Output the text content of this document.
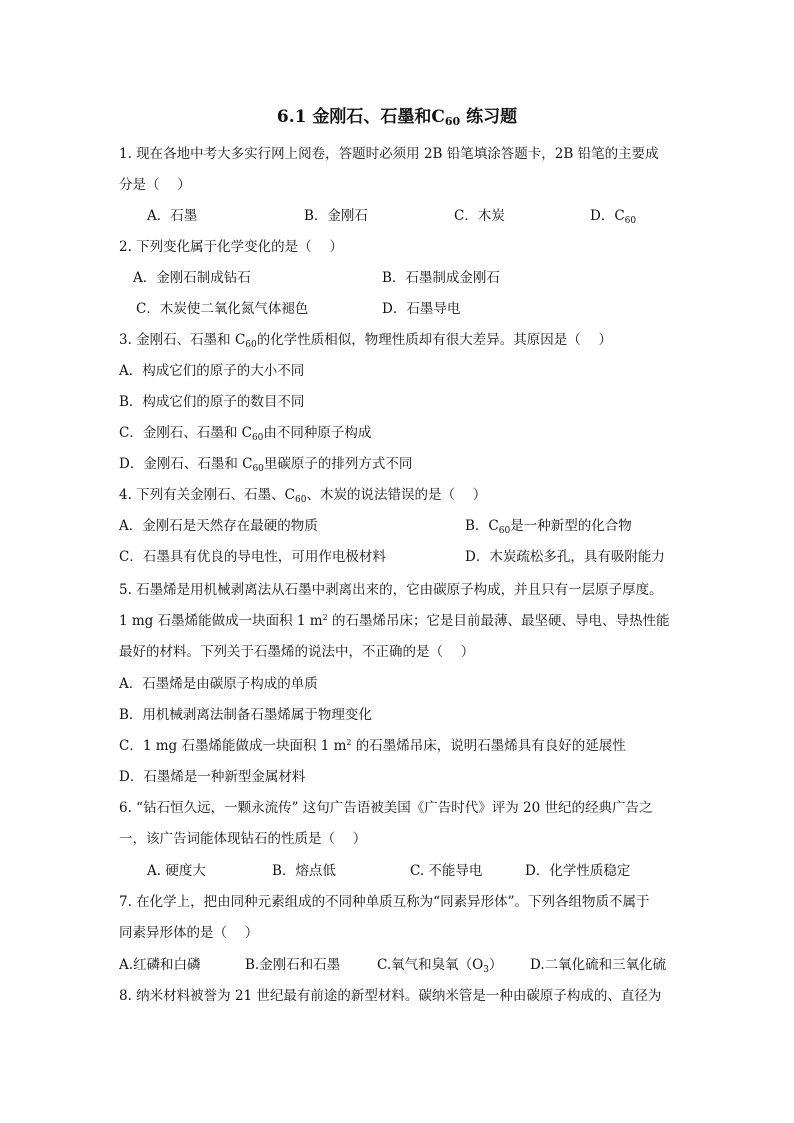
6.1 金刚石、石墨和$C_{60}$ 练习题
1. 现在各地中考大多实行网上阅卷，答题时必须用 2B 铅笔填涂答题卡，2B 铅笔的主要成
分是（　 ）
A．石墨	B．金刚石	C．木炭	D．$C_{60}$
2. 下列变化属于化学变化的是（　 ）
A．金刚石制成钻石	B．石墨制成金刚石
C．木炭使二氧化氮气体褪色	D．石墨导电
3. 金刚石、石墨和 $C_{60}$的化学性质相似，物理性质却有很大差异。其原因是（　 ）
A．构成它们的原子的大小不同
B．构成它们的原子的数目不同
C．金刚石、石墨和 $C_{60}$由不同种原子构成
D．金刚石、石墨和 $C_{60}$里碳原子的排列方式不同
4. 下列有关金刚石、石墨、$C_{60}$、木炭的说法错误的是（　 ）
A．金刚石是天然存在最硬的物质	B．$C_{60}$是一种新型的化合物
C．石墨具有优良的导电性，可用作电极材料	D．木炭疏松多孔，具有吸附能力
5. 石墨烯是用机械剥离法从石墨中剥离出来的，它由碳原子构成，并且只有一层原子厚度。
1 mg 石墨烯能做成一块面积 1 $m^2$ 的石墨烯吊床；它是目前最薄、最坚硬、导电、导热性能
最好的材料。下列关于石墨烯的说法中，不正确的是（　 ）
A．石墨烯是由碳原子构成的单质
B．用机械剥离法制备石墨烯属于物理变化
C．1 mg 石墨烯能做成一块面积 1 $m^2$ 的石墨烯吊床，说明石墨烯具有良好的延展性
D．石墨烯是一种新型金属材料
6. “钻石恒久远，一颗永流传” 这句广告语被美国《广告时代》评为 20 世纪的经典广告之
一，该广告词能体现钻石的性质是（　 ）
A. 硬度大	B．熔点低	C. 不能导电	D．化学性质稳定
7. 在化学上，把由同种元素组成的不同种单质互称为“同素异形体”。下列各组物质不属于
同素异形体的是（　 ）
A.红磷和白磷	B.金刚石和石墨	C.氧气和臭氧$(O_3)$ D.二氧化硫和三氧化硫
8. 纳米材料被誉为 21 世纪最有前途的新型材料。碳纳米管是一种由碳原子构成的、直径为
